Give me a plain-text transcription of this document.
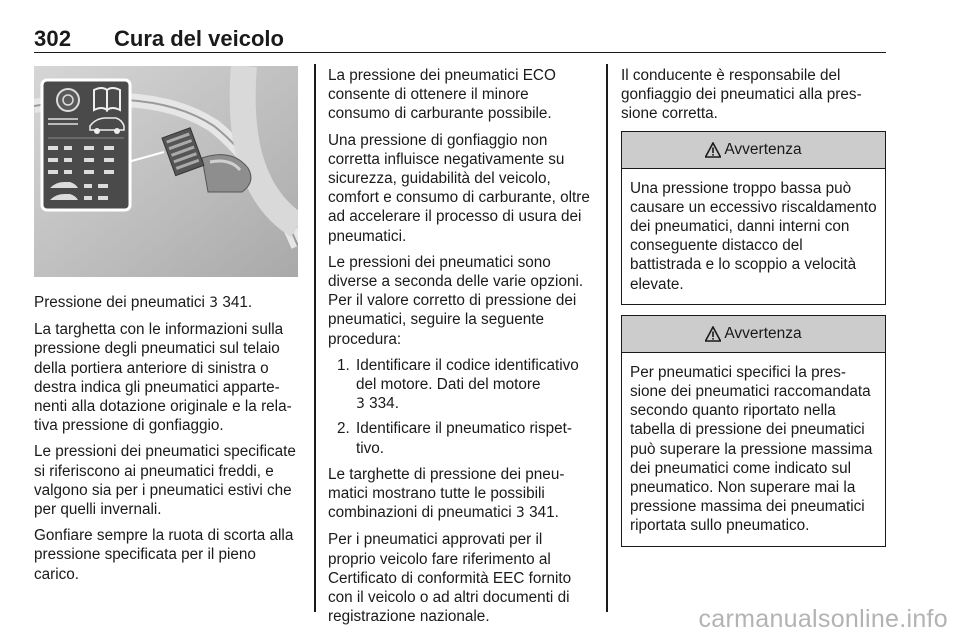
302 Cura del veicolo

Pressione dei pneumatici 3 341.

La targhetta con le informazioni sulla pressione degli pneumatici sul telaio della portiera anteriore di sinistra o destra indica gli pneumatici appartenenti alla dotazione originale e la relativa pressione di gonfiaggio.

Le pressioni dei pneumatici specificate si riferiscono ai pneumatici freddi, e valgono sia per i pneumatici estivi che per quelli invernali.

Gonfiare sempre la ruota di scorta alla pressione specificata per il pieno carico.

La pressione dei pneumatici ECO consente di ottenere il minore consumo di carburante possibile.

Una pressione di gonfiaggio non corretta influisce negativamente su sicurezza, guidabilità del veicolo, comfort e consumo di carburante, oltre ad accelerare il processo di usura dei pneumatici.

Le pressioni dei pneumatici sono diverse a seconda delle varie opzioni. Per il valore corretto di pressione dei pneumatici, seguire la seguente procedura:

1. Identificare il codice identificativo del motore. Dati del motore
3 334.
2. Identificare il pneumatico rispettivo.

Le targhette di pressione dei pneumatici mostrano tutte le possibili combinazioni di pneumatici 3 341.

Per i pneumatici approvati per il proprio veicolo fare riferimento al Certificato di conformità EEC fornito con il veicolo o ad altri documenti di registrazione nazionale.

Il conducente è responsabile del gonfiaggio dei pneumatici alla pressione corretta.

Avvertenza
Una pressione troppo bassa può causare un eccessivo riscaldamento dei pneumatici, danni interni con conseguente distacco del battistrada e lo scoppio a velocità elevate.
Avvertenza
Per pneumatici specifici la pressione dei pneumatici raccomandata secondo quanto riportato nella tabella di pressione dei pneumatici può superare la pressione massima dei pneumatici come indicato sul pneumatico. Non superare mai la pressione massima dei pneumatici riportata sullo pneumatico.
carmanualsonline.info
